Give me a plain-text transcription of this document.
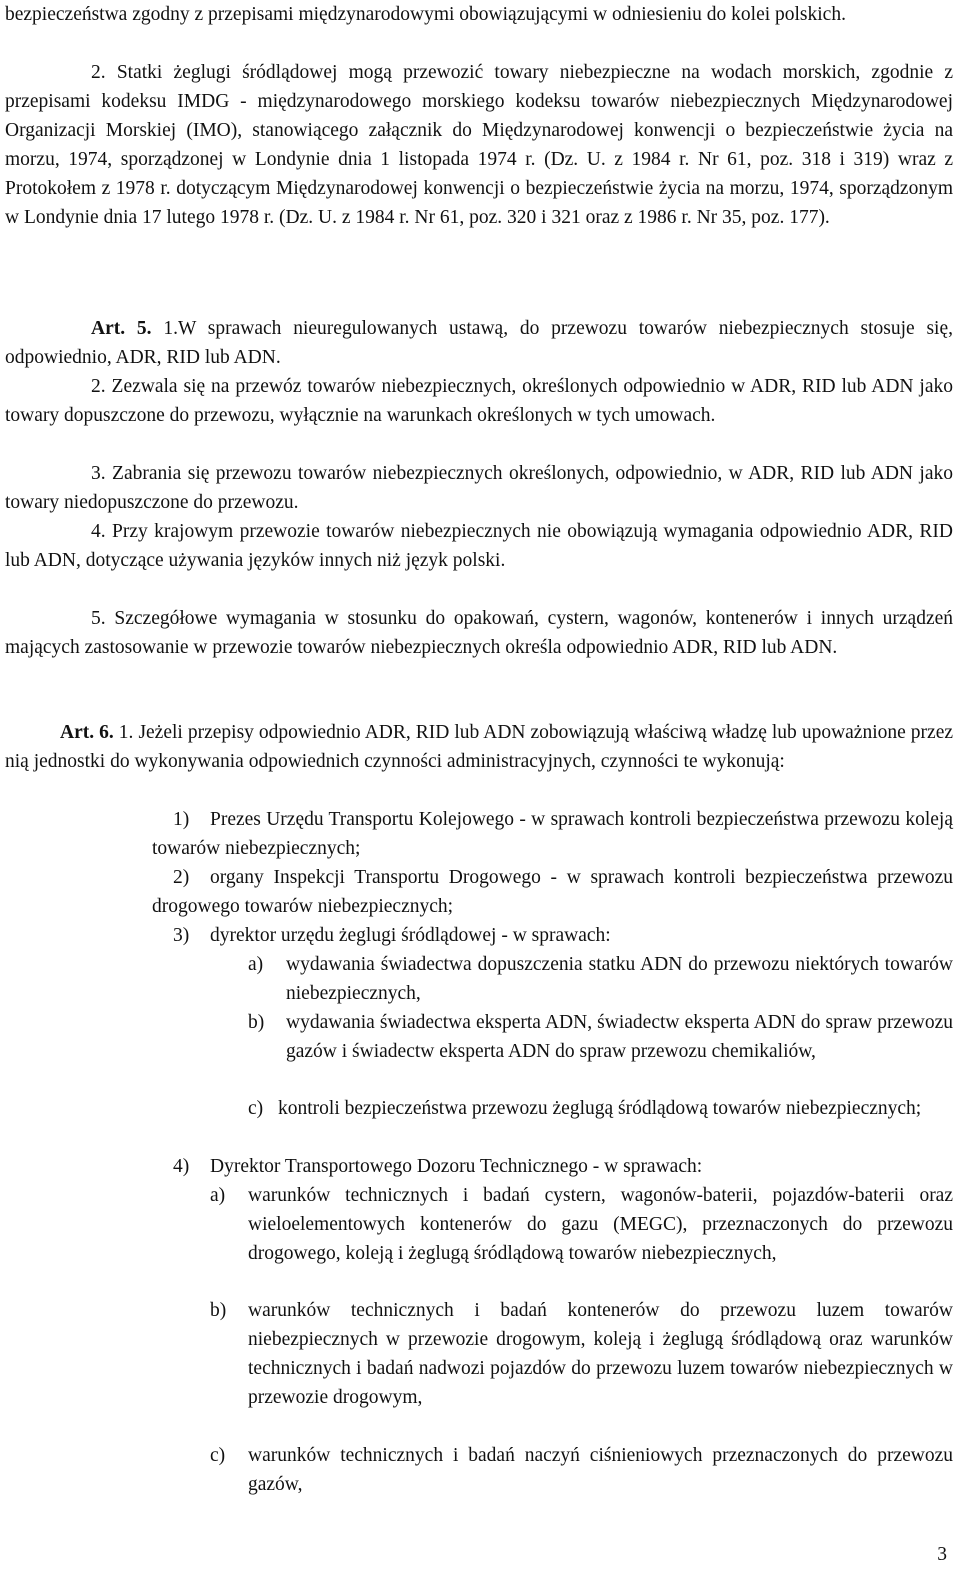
bezpieczeństwa zgodny z przepisami międzynarodowymi obowiązującymi w odniesieniu do kolei polskich.

2. Statki żeglugi śródlądowej mogą przewozić towary niebezpieczne na wodach morskich, zgodnie z przepisami kodeksu IMDG - międzynarodowego morskiego kodeksu towarów niebezpiecznych Międzynarodowej Organizacji Morskiej (IMO), stanowiącego załącznik do Międzynarodowej konwencji o bezpieczeństwie życia na morzu, 1974, sporządzonej w Londynie dnia 1 listopada 1974 r. (Dz. U. z 1984 r. Nr 61, poz. 318 i 319) wraz z Protokołem z 1978 r. dotyczącym Międzynarodowej konwencji o bezpieczeństwie życia na morzu, 1974, sporządzonym w Londynie dnia 17 lutego 1978 r. (Dz. U. z 1984 r. Nr 61, poz. 320 i 321 oraz z 1986 r. Nr 35, poz. 177).

Art. 5. 1.W sprawach nieuregulowanych ustawą, do przewozu towarów niebezpiecznych stosuje się, odpowiednio, ADR, RID lub ADN.

2. Zezwala się na przewóz towarów niebezpiecznych, określonych odpowiednio w ADR, RID lub ADN jako towary dopuszczone do przewozu, wyłącznie na warunkach określonych w tych umowach.

3. Zabrania się przewozu towarów niebezpiecznych określonych, odpowiednio, w ADR, RID lub ADN jako towary niedopuszczone do przewozu.

4. Przy krajowym przewozie towarów niebezpiecznych nie obowiązują wymagania odpowiednio ADR, RID lub ADN, dotyczące używania języków innych niż język polski.

5. Szczegółowe wymagania w stosunku do opakowań, cystern, wagonów, kontenerów i innych urządzeń mających zastosowanie w przewozie towarów niebezpiecznych określa odpowiednio ADR, RID lub ADN.

Art. 6. 1. Jeżeli przepisy odpowiednio ADR, RID lub ADN zobowiązują właściwą władzę lub upoważnione przez nią jednostki do wykonywania odpowiednich czynności administracyjnych, czynności te wykonują:

1)	Prezes Urzędu Transportu Kolejowego - w sprawach kontroli bezpieczeństwa przewozu koleją towarów niebezpiecznych;

2)	organy Inspekcji Transportu Drogowego - w sprawach kontroli bezpieczeństwa przewozu drogowego towarów niebezpiecznych;

3) dyrektor urzędu żeglugi śródlądowej - w sprawach:

a) wydawania świadectwa dopuszczenia statku ADN do przewozu niektórych towarów niebezpiecznych,

b) wydawania świadectwa eksperta ADN, świadectw eksperta ADN do spraw przewozu gazów i świadectw eksperta ADN do spraw przewozu chemikaliów,

c) kontroli bezpieczeństwa przewozu żeglugą śródlądową towarów niebezpiecznych;

4) Dyrektor Transportowego Dozoru Technicznego - w sprawach:

a) warunków technicznych i badań cystern, wagonów-baterii, pojazdów-baterii oraz wieloelementowych kontenerów do gazu (MEGC), przeznaczonych do przewozu drogowego, koleją i żeglugą śródlądową towarów niebezpiecznych,

b) warunków technicznych i badań kontenerów do przewozu luzem towarów niebezpiecznych w przewozie drogowym, koleją i żeglugą śródlądową oraz warunków technicznych i badań nadwozi pojazdów do przewozu luzem towarów niebezpiecznych w przewozie drogowym,

c) warunków technicznych i badań naczyń ciśnieniowych przeznaczonych do przewozu gazów,

3
